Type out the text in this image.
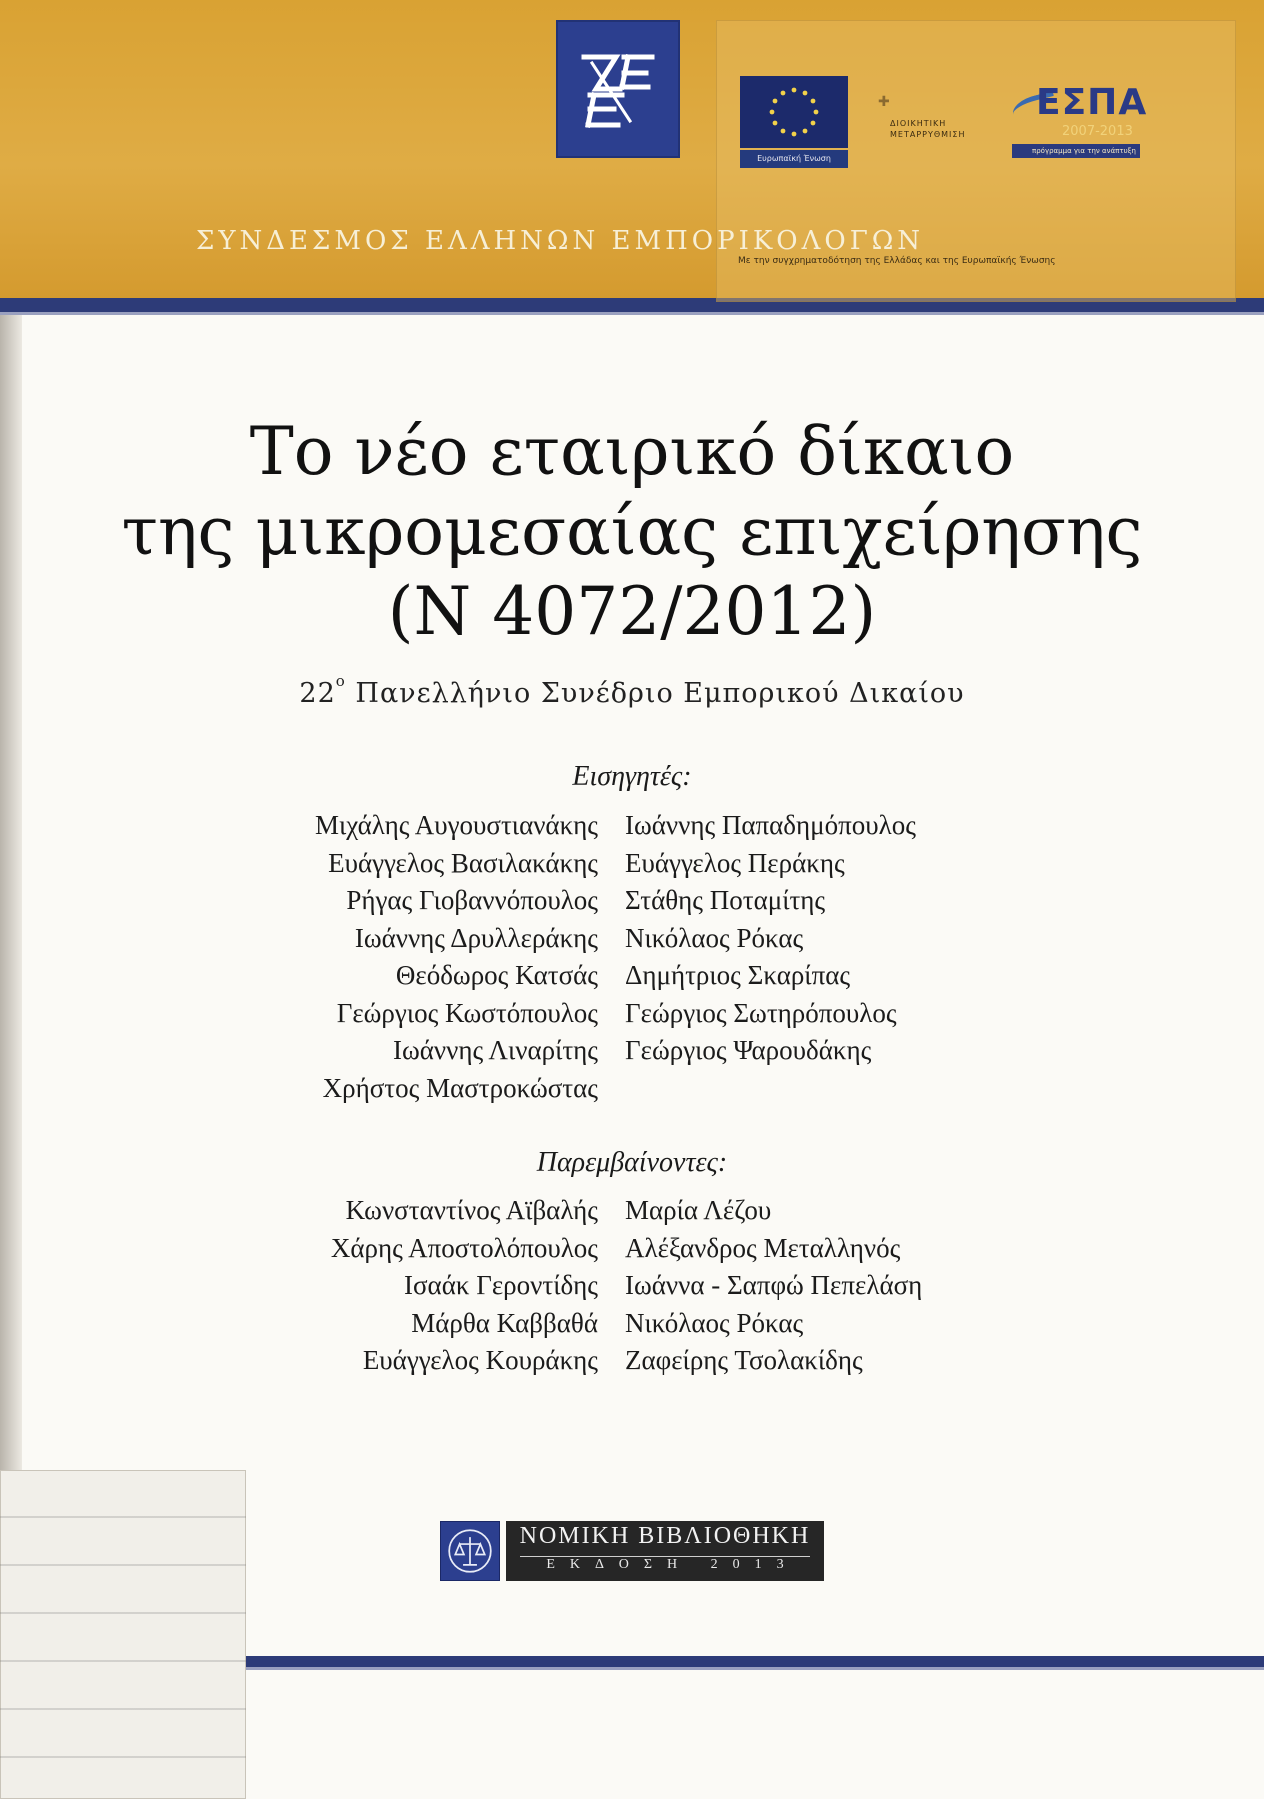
Ευρωπαϊκή Ένωση
✚
ΔΙΟΙΚΗΤΙΚΗ ΜΕΤΑΡΡΥΘΜΙΣΗ
ΕΣΠΑ
2007-2013
πρόγραμμα για την ανάπτυξη
Με την συγχρηματοδότηση της Ελλάδας και της Ευρωπαϊκής Ένωσης
ΣΥΝΔΕΣΜΟΣ ΕΛΛΗΝΩΝ ΕΜΠΟΡΙΚΟΛΟΓΩΝ
Το νέο εταιρικό δίκαιο
της μικρομεσαίας επιχείρησης
(Ν 4072/2012)
$22^o$ Πανελλήνιο Συνέδριο Εμπορικού Δικαίου
Εισηγητές:
Μιχάλης Αυγουστιανάκης
Ευάγγελος Βασιλακάκης
Ρήγας Γιοβαννόπουλος
Ιωάννης Δρυλλεράκης
Θεόδωρος Κατσάς
Γεώργιος Κωστόπουλος
Ιωάννης Λιναρίτης
Χρήστος Μαστροκώστας
Ιωάννης Παπαδημόπουλος
Ευάγγελος Περάκης
Στάθης Ποταμίτης
Νικόλαος Ρόκας
Δημήτριος Σκαρίπας
Γεώργιος Σωτηρόπουλος
Γεώργιος Ψαρουδάκης
Παρεμβαίνοντες:
Κωνσταντίνος Αϊβαλής
Χάρης Αποστολόπουλος
Ισαάκ Γεροντίδης
Μάρθα Καββαθά
Ευάγγελος Κουράκης
Μαρία Λέζου
Αλέξανδρος Μεταλληνός
Ιωάννα - Σαπφώ Πεπελάση
Νικόλαος Ρόκας
Ζαφείρης Τσολακίδης
ΝΟΜΙΚΗ ΒΙΒΛΙΟΘΗΚΗ
ΕΚΔΟΣΗ 2013
